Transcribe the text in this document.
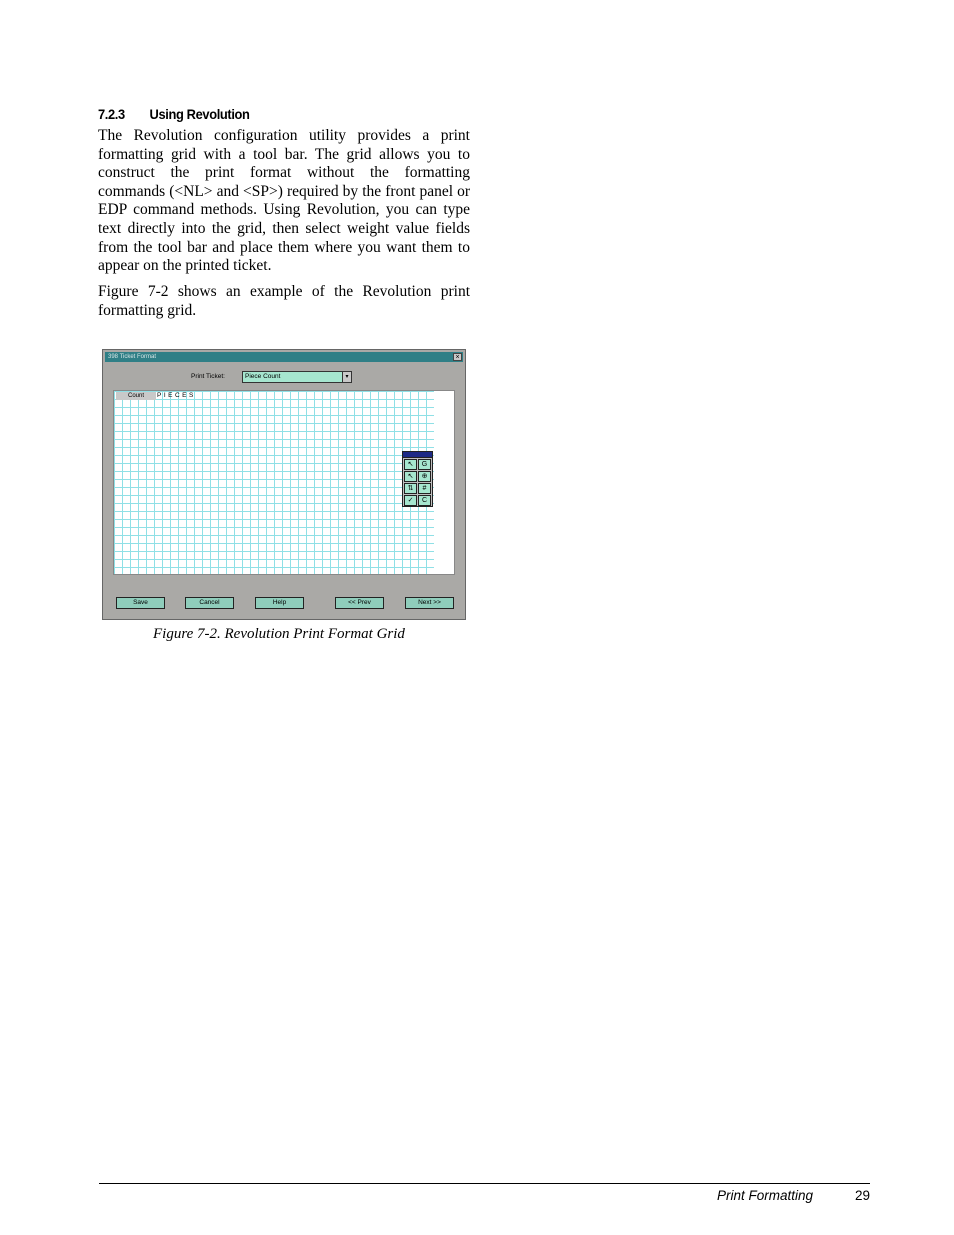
7.2.3 Using Revolution

The Revolution configuration utility provides a print formatting grid with a tool bar. The grid allows you to construct the print format without the formatting commands (<NL> and <SP>) required by the front panel or EDP command methods. Using Revolution, you can type text directly into the grid, then select weight value fields from the tool bar and place them where you want them to appear on the printed ticket.

Figure 7-2 shows an example of the Revolution print formatting grid.

398 Ticket Format	×
Print Ticket:	Piece Count	▾
Count	PIECES
↖	G
↖	⊕
⇅	#
✓	C
Save	Cancel	Help	<< Prev	Next >>
Figure 7-2. Revolution Print Format Grid
Print Formatting	29
